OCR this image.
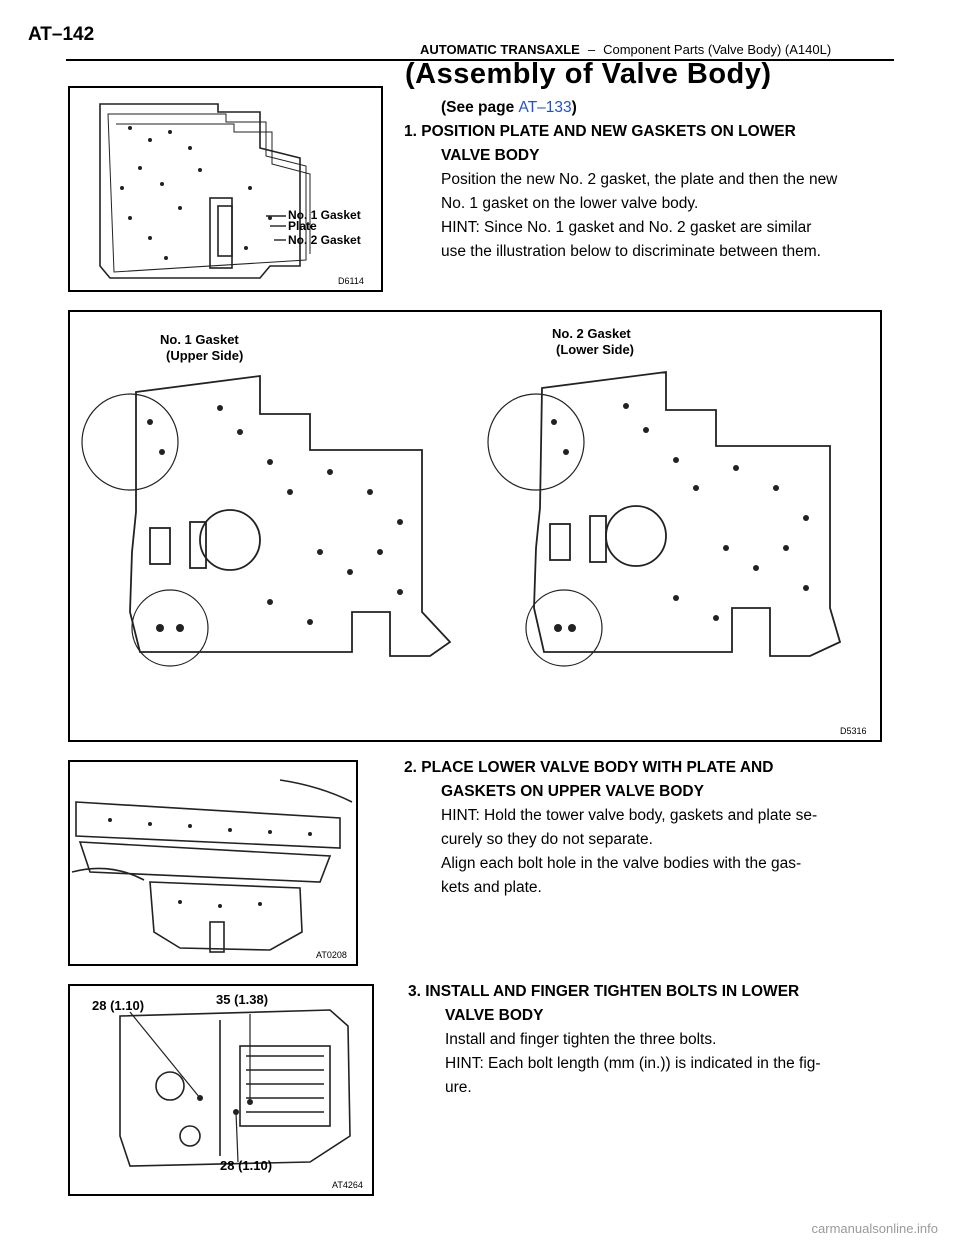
AT–142
AUTOMATIC TRANSAXLE – Component Parts (Valve Body) (A140L)
(Assembly of Valve Body)
No. 1 Gasket
Plate
No. 2 Gasket
D6114
(See page AT–133)
1. POSITION PLATE AND NEW GASKETS ON LOWER
VALVE BODY
Position the new No. 2 gasket, the plate and then the new
No. 1 gasket on the lower valve body.
HINT: Since No. 1 gasket and No. 2 gasket are similar
use the illustration below to discriminate between them.
No. 1 Gasket
(Upper Side)
No. 2 Gasket
(Lower Side)
D5316
AT0208
2. PLACE LOWER VALVE BODY WITH PLATE AND
GASKETS ON UPPER VALVE BODY
HINT: Hold the tower valve body, gaskets and plate se-
curely so they do not separate.
Align each bolt hole in the valve bodies with the gas-
kets and plate.
28 (1.10)	35 (1.38)
28 (1.10)
AT4264
3. INSTALL AND FINGER TIGHTEN BOLTS IN LOWER
VALVE BODY
Install and finger tighten the three bolts.
HINT: Each bolt length (mm (in.)) is indicated in the fig-
ure.
carmanualsonline.info
